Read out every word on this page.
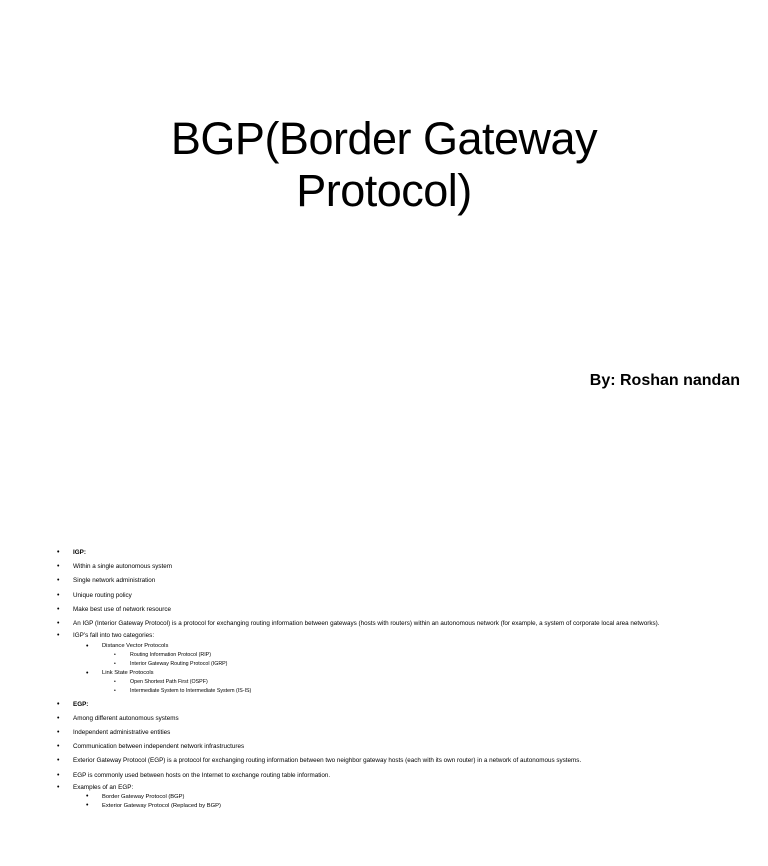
BGP(Border Gateway
Protocol)
By: Roshan nandan
• IGP:
• Within a single autonomous system
• Single network administration
• Unique routing policy
• Make best use of network resource
• An IGP (Interior Gateway Protocol) is a protocol for exchanging routing information between gateways (hosts with routers) within an autonomous network (for example, a system of corporate local area networks).
• IGP’s fall into two categories:
• Distance Vector Protocols
• Routing Information Protocol (RIP)
• Interior Gateway Routing Protocol (IGRP)
• Link State Protocols
• Open Shortest Path First (OSPF)
• Intermediate System to Intermediate System (IS-IS)
• EGP:
• Among different autonomous systems
• Independent administrative entities
• Communication between independent network infrastructures
• Exterior Gateway Protocol (EGP) is a protocol for exchanging routing information between two neighbor gateway hosts (each with its own router) in a network of autonomous systems.
• EGP is commonly used between hosts on the Internet to exchange routing table information.
• Examples of an EGP:
• Border Gateway Protocol (BGP)
• Exterior Gateway Protocol (Replaced by BGP)
